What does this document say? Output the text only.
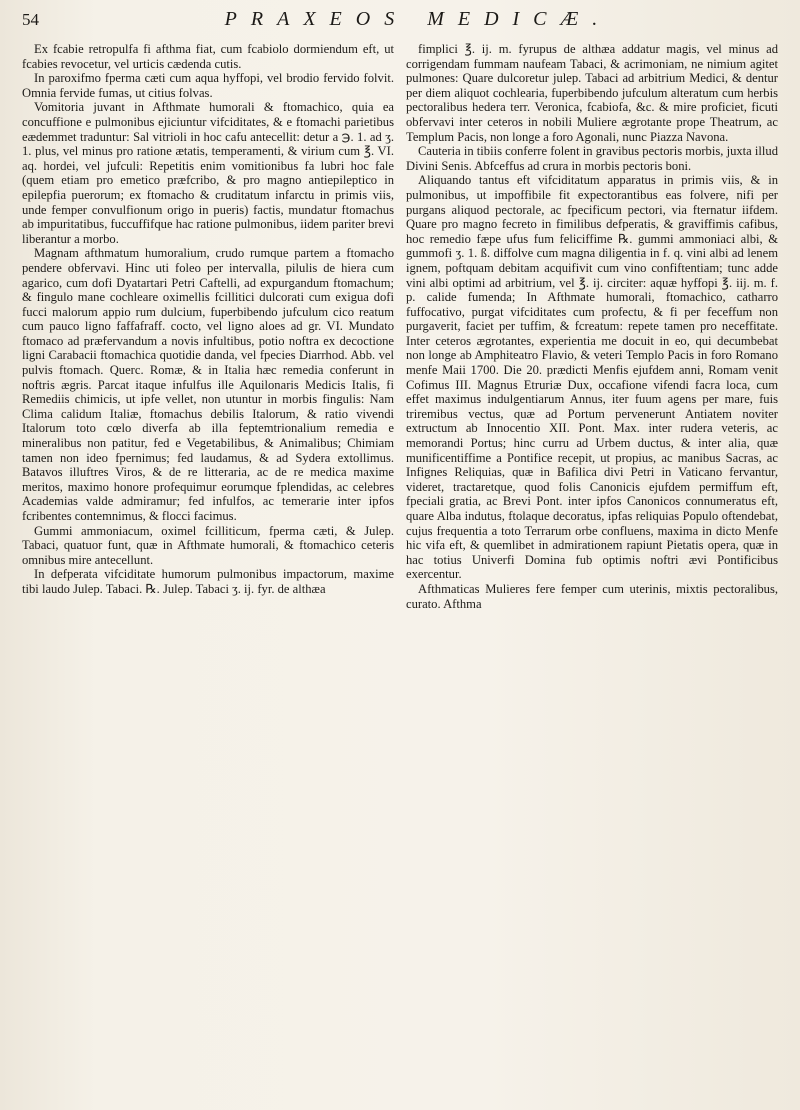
54	PRAXEOS MEDICÆ.

Ex fcabie retropulfa fi afthma fiat, cum fcabiolo dormiendum eft, ut fcabies revocetur, vel urticis cædenda cutis.

In paroxifmo fperma cæti cum aqua hyffopi, vel brodio fervido folvit. Omnia fervide fumas, ut citius folvas.

Vomitoria juvant in Afthmate humorali & ftomachico, quia ea concuffione e pulmonibus ejiciuntur vifciditates, & e ftomachi parietibus eædemmet traduntur: Sal vitrioli in hoc cafu antecellit: detur a ℈. 1. ad ʒ. 1. plus, vel minus pro ratione ætatis, temperamenti, & virium cum ℥. VI. aq. hordei, vel jufculi: Repetitis enim vomitionibus fa lubri hoc fale (quem etiam pro emetico præfcribo, & pro magno antiepileptico in epilepfia puerorum; ex ftomacho & cruditatum infarctu in primis viis, unde femper convulfionum origo in pueris) factis, mundatur ftomachus ab impuritatibus, fuccuffifque hac ratione pulmonibus, iidem pariter brevi liberantur a morbo.

Magnam afthmatum humoralium, crudo rumque partem a ftomacho pendere obfervavi. Hinc uti foleo per intervalla, pilulis de hiera cum agarico, cum dofi Dyatartari Petri Caftelli, ad expurgandum ftomachum; & fingulo mane cochleare oximellis fcillitici dulcorati cum exigua dofi fucci malorum appio rum dulcium, fuperbibendo jufculum cico reatum cum pauco ligno faffafraff. cocto, vel ligno aloes ad gr. VI. Mundato ftomaco ad præfervandum a novis infultibus, potio noftra ex decoctione ligni Carabacii ftomachica quotidie danda, vel fpecies Diarrhod. Abb. vel pulvis ftomach. Querc. Romæ, & in Italia hæc remedia conferunt in noftris ægris. Parcat itaque infulfus ille Aquilonaris Medicis Italis, fi Remediis chimicis, ut ipfe vellet, non utuntur in morbis fingulis: Nam Clima calidum Italiæ, ftomachus debilis Italorum, & ratio vivendi Italorum toto cœlo diverfa ab illa feptemtrionalium remedia e mineralibus non patitur, fed e Vegetabilibus, & Animalibus; Chimiam tamen non ideo fpernimus; fed laudamus, & ad Sydera extollimus. Batavos illuftres Viros, & de re litteraria, ac de re medica maxime meritos, maximo honore profequimur eorumque fplendidas, ac celebres Academias valde admiramur; fed infulfos, ac temerarie inter ipfos fcribentes contemnimus, & flocci facimus.

Gummi ammoniacum, oximel fcilliticum, fperma cæti, & Julep. Tabaci, quatuor funt, quæ in Afthmate humorali, & ftomachico ceteris omnibus mire antecellunt.

In defperata vifciditate humorum pulmonibus impactorum, maxime tibi laudo Julep. Tabaci. ℞. Julep. Tabaci ʒ. ij. fyr. de althæa

fimplici ℥. ij. m. fyrupus de althæa addatur magis, vel minus ad corrigendam fummam naufeam Tabaci, & acrimoniam, ne nimium agitet pulmones: Quare dulcoretur julep. Tabaci ad arbitrium Medici, & dentur per diem aliquot cochlearia, fuperbibendo jufculum alteratum cum herbis pectoralibus hedera terr. Veronica, fcabiofa, &c. & mire proficiet, ficuti obfervavi inter ceteros in nobili Muliere ægrotante prope Theatrum, ac Templum Pacis, non longe a foro Agonali, nunc Piazza Navona.

Cauteria in tibiis conferre folent in gravibus pectoris morbis, juxta illud Divini Senis. Abfceffus ad crura in morbis pectoris boni.

Aliquando tantus eft vifciditatum apparatus in primis viis, & in pulmonibus, ut impoffibile fit expectorantibus eas folvere, nifi per purgans aliquod pectorale, ac fpecificum pectori, via fternatur iifdem. Quare pro magno fecreto in fimilibus defperatis, & graviffimis cafibus, hoc remedio fæpe ufus fum feliciffime ℞. gummi ammoniaci albi, & gummofi ʒ. 1. ß. diffolve cum magna diligentia in f. q. vini albi ad lenem ignem, poftquam debitam acquifivit cum vino confiftentiam; tunc adde vini albi optimi ad arbitrium, vel ℥. ij. circiter: aquæ hyffopi ℥. iij. m. f. p. calide fumenda; In Afthmate humorali, ftomachico, catharro fuffocativo, purgat vifciditates cum profectu, & fi per feceffum non purgaverit, faciet per tuffim, & fcreatum: repete tamen pro neceffitate. Inter ceteros ægrotantes, experientia me docuit in eo, qui decumbebat non longe ab Amphiteatro Flavio, & veteri Templo Pacis in foro Romano menfe Maii 1700. Die 20. prædicti Menfis ejufdem anni, Romam venit Cofimus III. Magnus Etruriæ Dux, occafione vifendi facra loca, cum effet maximus indulgentiarum Annus, iter fuum agens per mare, fuis triremibus vectus, quæ ad Portum pervenerunt Antiatem noviter extructum ab Innocentio XII. Pont. Max. inter rudera veteris, ac memorandi Portus; hinc curru ad Urbem ductus, & inter alia, quæ munificentiffime a Pontifice recepit, ut propius, ac manibus Sacras, ac Infignes Reliquias, quæ in Bafilica divi Petri in Vaticano fervantur, videret, tractaretque, quod folis Canonicis ejufdem permiffum eft, fpeciali gratia, ac Brevi Pont. inter ipfos Canonicos connumeratus eft, quare Alba indutus, ftolaque decoratus, ipfas reliquias Populo oftendebat, cujus frequentia a toto Terrarum orbe confluens, maxima in dicto Menfe hic vifa eft, & quemlibet in admirationem rapiunt Pietatis opera, quæ in hac totius Univerfi Domina fub optimis noftri ævi Pontificibus exercentur.

Afthmaticas Mulieres fere femper cum uterinis, mixtis pectoralibus, curato. Afthma
